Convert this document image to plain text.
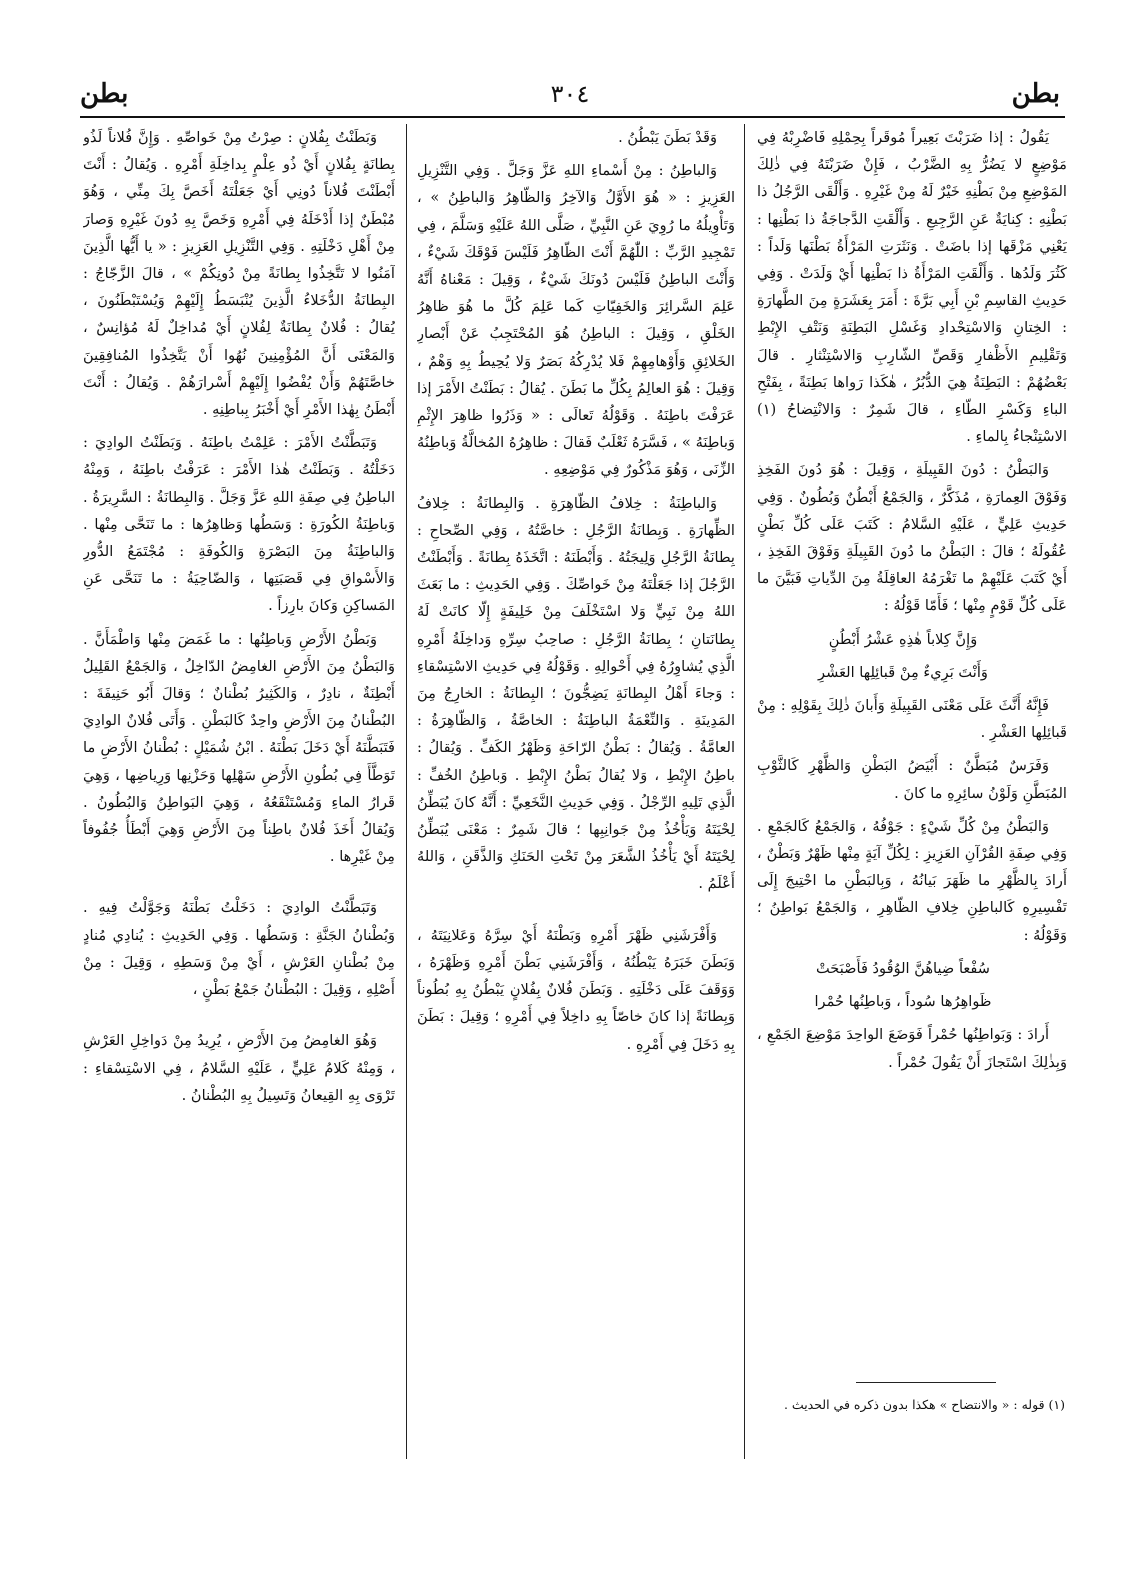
بطن
٣٠٤
بطن

يَقُولُ : إذا ضَرَبْتَ بَعِيراً مُوقَراً بِحِمْلِهِ فَاضْرِبْهُ فِي مَوْضِعٍ لا يَضُرُّ بِهِ الضَّرْبُ ، فَإِنْ ضَرَبْتَهُ فِي ذٰلِكَ المَوْضِعِ مِنْ بَطْنِهِ خَيْرٌ لَهُ مِنْ غَيْرِهِ . وَأَلْقَى الرَّجُلُ ذا بَطْنِهِ : كِنايَةٌ عَنِ الرَّجِيعِ . وَأَلْقَتِ الدَّجاجَةُ ذا بَطْنِها : يَعْنِي مَزْقَها إذا باضَتْ . وَنَثَرَتِ المَرْأَةُ بَطْنَها وَلَداً : كَثُرَ وَلَدُها . وَأَلْقَتِ المَرْأَةُ ذا بَطْنِها أَيْ وَلَدَتْ . وَفِي حَدِيثِ القاسِمِ بْنِ أَبِي بَرَّةَ : أَمَرَ بِعَشَرَةٍ مِنَ الطَّهارَةِ : الخِتانِ وَالاسْتِحْدادِ وَغَسْلِ البَطِنَةِ وَنَتْفِ الإِبْطِ وَتَقْلِيمِ الأَظْفارِ وَقَصِّ الشّارِبِ وَالاسْتِنْثارِ . قالَ بَعْضُهُمْ : البَطِنَةُ هِيَ الدُّبُرُ ، هٰكَذا رَواها بَطِنَةً ، بِفَتْحِ الباءِ وَكَسْرِ الطّاءِ ، قالَ شَمِرٌ : وَالانْتِضاحُ (١) الاسْتِنْجاءُ بِالماءِ .

وَالبَطْنُ : دُونَ القَبِيلَةِ ، وَقِيلَ : هُوَ دُونَ الفَخِذِ وَفَوْقَ العِمارَةِ ، مُذَكَّرٌ ، وَالجَمْعُ أَبْطُنٌ وَبُطُونٌ . وَفِي حَدِيثِ عَلِيٍّ ، عَلَيْهِ السَّلامُ : كَتَبَ عَلَى كُلِّ بَطْنٍ عُقُولَهُ ؛ قالَ : البَطْنُ ما دُونَ القَبِيلَةِ وَفَوْقَ الفَخِذِ ، أَيْ كَتَبَ عَلَيْهِمْ ما تَغْرَمُهُ العاقِلَةُ مِنَ الدِّياتِ فَبَيَّنَ ما عَلَى كُلِّ قَوْمٍ مِنْها ؛ فَأَمّا قَوْلُهُ :

وَإِنَّ كِلاباً هٰذِهِ عَشْرُ أَبْطُنٍ

وَأَنْتَ بَرِيءٌ مِنْ قَبائِلِها العَشْرِ

فَإِنَّهُ أَنَّثَ عَلَى مَعْنَى القَبِيلَةِ وَأَبانَ ذٰلِكَ بِقَوْلِهِ : مِنْ قَبائِلِها العَشْرِ .

وَفَرَسٌ مُبَطَّنٌ : أَبْيَضُ البَطْنِ وَالظَّهْرِ كَالثَّوْبِ المُبَطَّنِ وَلَوْنُ سائِرِهِ ما كانَ .

وَالبَطْنُ مِنْ كُلِّ شَيْءٍ : جَوْفُهُ ، وَالجَمْعُ كَالجَمْعِ . وَفِي صِفَةِ القُرْآنِ العَزِيزِ : لِكُلِّ آيَةٍ مِنْها ظَهْرٌ وَبَطْنٌ ، أَرادَ بِالظَّهْرِ ما ظَهَرَ بَيانُهُ ، وَبِالبَطْنِ ما احْتِيجَ إِلَى تَفْسِيرِهِ كَالباطِنِ خِلافِ الظّاهِرِ ، وَالجَمْعُ بَواطِنُ ؛ وَقَوْلُهُ :

سُفْعاً ضِياهُنَّ الوُقُودُ فَأَصْبَحَتْ

ظَواهِرُها سُوداً ، وَباطِنُها حُمْرا

أَرادَ : وَبَواطِنُها حُمْراً فَوَضَعَ الواحِدَ مَوْضِعَ الجَمْعِ ، وَبِذٰلِكَ اسْتَجازَ أَنْ يَقُولَ حُمْراً .

وَقَدْ بَطَنَ يَبْطُنُ .

وَالباطِنُ : مِنْ أَسْماءِ اللهِ عَزَّ وَجَلَّ . وَفِي التَّنْزِيلِ العَزِيزِ : « هُوَ الأَوَّلُ وَالآخِرُ وَالظّاهِرُ وَالباطِنُ » ، وَتَأْوِيلُهُ ما رُوِيَ عَنِ النَّبِيِّ ، صَلَّى اللهُ عَلَيْهِ وَسَلَّمَ ، فِي تَمْجِيدِ الرَّبِّ : اللّٰهُمَّ أَنْتَ الظّاهِرُ فَلَيْسَ فَوْقَكَ شَيْءٌ ، وَأَنْتَ الباطِنُ فَلَيْسَ دُونَكَ شَيْءٌ ، وَقِيلَ : مَعْناهُ أَنَّهُ عَلِمَ السَّرائِرَ وَالخَفِيّاتِ كَما عَلِمَ كُلَّ ما هُوَ ظاهِرُ الخَلْقِ ، وَقِيلَ : الباطِنُ هُوَ المُحْتَجِبُ عَنْ أَبْصارِ الخَلائِقِ وَأَوْهامِهِمْ فَلا يُدْرِكُهُ بَصَرٌ وَلا يُحِيطُ بِهِ وَهْمٌ ، وَقِيلَ : هُوَ العالِمُ بِكُلِّ ما بَطَنَ . يُقالُ : بَطَنْتُ الأَمْرَ إذا عَرَفْتَ باطِنَهُ . وَقَوْلُهُ تَعالَى : « وَذَرُوا ظاهِرَ الإِثْمِ وَباطِنَهُ » ، فَسَّرَهُ ثَعْلَبٌ فَقالَ : ظاهِرُهُ المُخالَّةُ وَباطِنُهُ الزِّنَى ، وَهُوَ مَذْكُورٌ فِي مَوْضِعِهِ .

وَالباطِنَةُ : خِلافُ الظّاهِرَةِ . وَالبِطانَةُ : خِلافُ الظِّهارَةِ . وَبِطانَةُ الرَّجُلِ : خاصَّتُهُ ، وَفِي الصِّحاحِ : بِطانَةُ الرَّجُلِ وَلِيجَتُهُ . وَأَبْطَنَهُ : اتَّخَذَهُ بِطانَةً . وَأَبْطَنْتُ الرَّجُلَ إذا جَعَلْتَهُ مِنْ خَواصِّكَ . وَفِي الحَدِيثِ : ما بَعَثَ اللهُ مِنْ نَبِيٍّ وَلا اسْتَخْلَفَ مِنْ خَلِيفَةٍ إِلّا كانَتْ لَهُ بِطانَتانِ ؛ بِطانَةُ الرَّجُلِ : صاحِبُ سِرِّهِ وَداخِلَةُ أَمْرِهِ الَّذِي يُشاوِرُهُ فِي أَحْوالِهِ . وَقَوْلُهُ فِي حَدِيثِ الاسْتِسْقاءِ : وَجاءَ أَهْلُ البِطانَةِ يَضِجُّونَ ؛ البِطانَةُ : الخارِجُ مِنَ المَدِينَةِ . وَالنِّعْمَةُ الباطِنَةُ : الخاصَّةُ ، وَالظّاهِرَةُ : العامَّةُ . وَيُقالُ : بَطْنُ الرّاحَةِ وَظَهْرُ الكَفِّ . وَيُقالُ : باطِنُ الإِبْطِ ، وَلا يُقالُ بَطْنُ الإِبْطِ . وَباطِنُ الخُفِّ : الَّذِي تَلِيهِ الرِّجْلُ . وَفِي حَدِيثِ النَّخَعِيِّ : أَنَّهُ كانَ يُبَطِّنُ لِحْيَتَهُ وَيَأْخُذُ مِنْ جَوانِبِها ؛ قالَ شَمِرٌ : مَعْنَى يُبَطِّنُ لِحْيَتَهُ أَيْ يَأْخُذُ الشَّعَرَ مِنْ تَحْتِ الحَنَكِ وَالذَّقَنِ ، وَاللهُ أَعْلَمُ .

وَأَفْرَشَنِي ظَهْرَ أَمْرِهِ وَبَطْنَهُ أَيْ سِرَّهُ وَعَلانِيَتَهُ ، وَبَطَنَ خَبَرَهُ يَبْطُنُهُ ، وَأَفْرَشَنِي بَطْنَ أَمْرِهِ وَظَهْرَهُ ، وَوَقَفَ عَلَى دَخْلَتِهِ . وَبَطَنَ فُلانٌ بِفُلانٍ يَبْطُنُ بِهِ بُطُوناً وَبِطانَةً إذا كانَ خاصّاً بِهِ داخِلاً فِي أَمْرِهِ ؛ وَقِيلَ : بَطَنَ بِهِ دَخَلَ فِي أَمْرِهِ .

وَبَطَنْتُ بِفُلانٍ : صِرْتُ مِنْ خَواصِّهِ . وَإِنَّ فُلاناً لَذُو بِطانَةٍ بِفُلانٍ أَيْ ذُو عِلْمٍ بِداخِلَةِ أَمْرِهِ . وَيُقالُ : أَنْتَ أَبْطَنْتَ فُلاناً دُونِي أَيْ جَعَلْتَهُ أَخَصَّ بِكَ مِنِّي ، وَهُوَ مُبْطَنٌ إذا أَدْخَلَهُ فِي أَمْرِهِ وَخَصَّ بِهِ دُونَ غَيْرِهِ وَصارَ مِنْ أَهْلِ دَخْلَتِهِ . وَفِي التَّنْزِيلِ العَزِيزِ : « يا أَيُّها الَّذِينَ آمَنُوا لا تَتَّخِذُوا بِطانَةً مِنْ دُونِكُمْ » ، قالَ الزَّجّاجُ : البِطانَةُ الدُّخَلاءُ الَّذِينَ يُنْبَسَطُ إِلَيْهِمْ وَيُسْتَبْطَنُونَ ، يُقالُ : فُلانٌ بِطانَةٌ لِفُلانٍ أَيْ مُداخِلٌ لَهُ مُؤانِسٌ ، وَالمَعْنَى أَنَّ المُؤْمِنِينَ نُهُوا أَنْ يَتَّخِذُوا المُنافِقِينَ خاصَّتَهُمْ وَأَنْ يُفْضُوا إِلَيْهِمْ أَسْرارَهُمْ . وَيُقالُ : أَنْتَ أَبْطَنُ بِهٰذا الأَمْرِ أَيْ أَخْبَرُ بِباطِنِهِ .

وَتَبَطَّنْتُ الأَمْرَ : عَلِمْتُ باطِنَهُ . وَبَطَنْتُ الوادِيَ : دَخَلْتُهُ . وَبَطَنْتُ هٰذا الأَمْرَ : عَرَفْتُ باطِنَهُ ، وَمِنْهُ الباطِنُ فِي صِفَةِ اللهِ عَزَّ وَجَلَّ . وَالبِطانَةُ : السَّرِيرَةُ . وَباطِنَةُ الكُورَةِ : وَسَطُها وَظاهِرُها : ما تَنَحَّى مِنْها . وَالباطِنَةُ مِنَ البَصْرَةِ وَالكُوفَةِ : مُجْتَمَعُ الدُّورِ وَالأَسْواقِ فِي قَصَبَتِها ، وَالضّاحِيَةُ : ما تَنَحَّى عَنِ المَساكِنِ وَكانَ بارِزاً .

وَبَطْنُ الأَرْضِ وَباطِنُها : ما غَمَضَ مِنْها وَاطْمَأَنَّ . وَالبَطْنُ مِنَ الأَرْضِ الغامِضُ الدّاخِلُ ، وَالجَمْعُ القَلِيلُ أَبْطِنَةٌ ، نادِرٌ ، وَالكَثِيرُ بُطْنانٌ ؛ وَقالَ أَبُو حَنِيفَةَ : البُطْنانُ مِنَ الأَرْضِ واحِدٌ كَالبَطْنِ . وَأَتَى فُلانٌ الوادِيَ فَتَبَطَّنَهُ أَيْ دَخَلَ بَطْنَهُ . ابْنُ شُمَيْلٍ : بُطْنانُ الأَرْضِ ما تَوَطَّأَ فِي بُطُونِ الأَرْضِ سَهْلِها وَحَزْنِها وَرِياضِها ، وَهِيَ قَرارُ الماءِ وَمُسْتَنْقَعُهُ ، وَهِيَ البَواطِنُ وَالبُطُونُ . وَيُقالُ أَخَذَ فُلانٌ باطِناً مِنَ الأَرْضِ وَهِيَ أَبْطَأُ جُفُوفاً مِنْ غَيْرِها .

وَتَبَطَّنْتُ الوادِيَ : دَخَلْتُ بَطْنَهُ وَجَوَّلْتُ فِيهِ . وَبُطْنانُ الجَنَّةِ : وَسَطُها . وَفِي الحَدِيثِ : يُنادِي مُنادٍ مِنْ بُطْنانِ العَرْشِ ، أَيْ مِنْ وَسَطِهِ ، وَقِيلَ : مِنْ أَصْلِهِ ، وَقِيلَ : البُطْنانُ جَمْعُ بَطْنٍ ،

وَهُوَ الغامِضُ مِنَ الأَرْضِ ، يُرِيدُ مِنْ دَواخِلِ العَرْشِ ، وَمِنْهُ كَلامُ عَلِيٍّ ، عَلَيْهِ السَّلامُ ، فِي الاسْتِسْقاءِ : تَرْوَى بِهِ القِيعانُ وَتَسِيلُ بِهِ البُطْنانُ .

(١) قوله : « والانتضاح » هكذا بدون ذكره في الحديث .
